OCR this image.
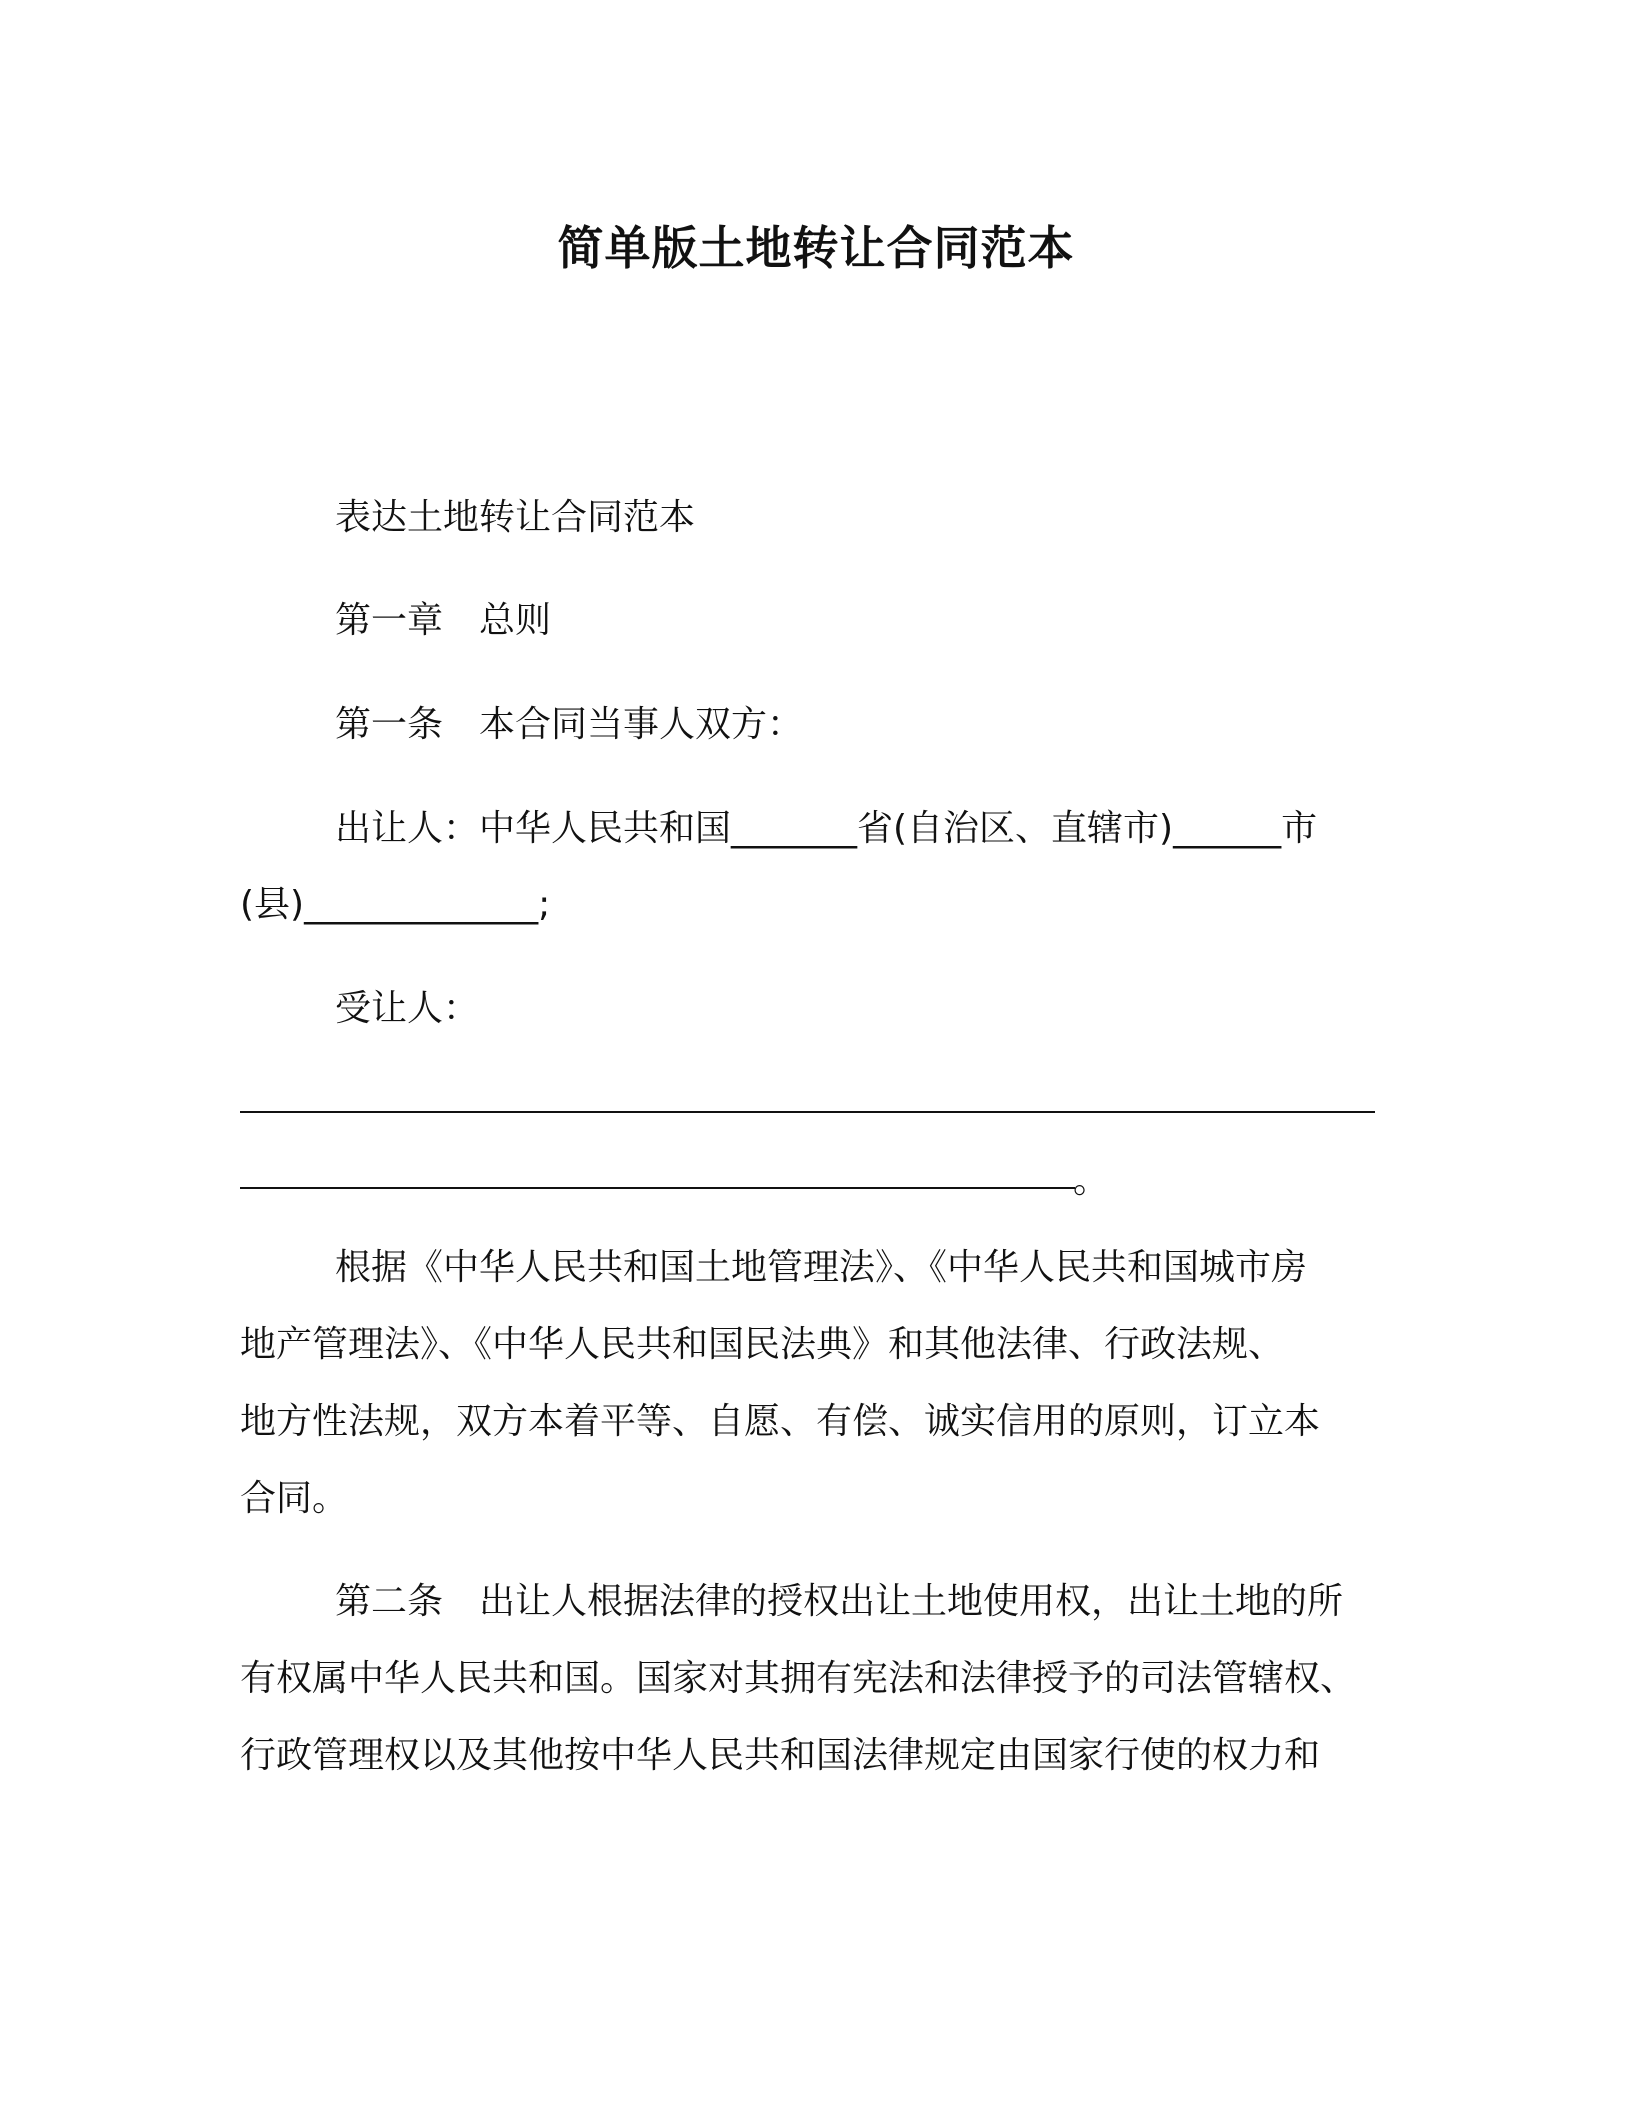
简单版土地转让合同范本
表达土地转让合同范本
第一章 总则
第一条 本合同当事人双方：
出让人：中华人民共和国_______省(自治区、直辖市)______市
(县)_____________;
受让人：
。
根据《中华人民共和国土地管理法》、《中华人民共和国城市房
地产管理法》、《中华人民共和国民法典》和其他法律、行政法规、
地方性法规，双方本着平等、自愿、有偿、诚实信用的原则，订立本
合同。
第二条　出让人根据法律的授权出让土地使用权，出让土地的所
有权属中华人民共和国。国家对其拥有宪法和法律授予的司法管辖权、
行政管理权以及其他按中华人民共和国法律规定由国家行使的权力和
